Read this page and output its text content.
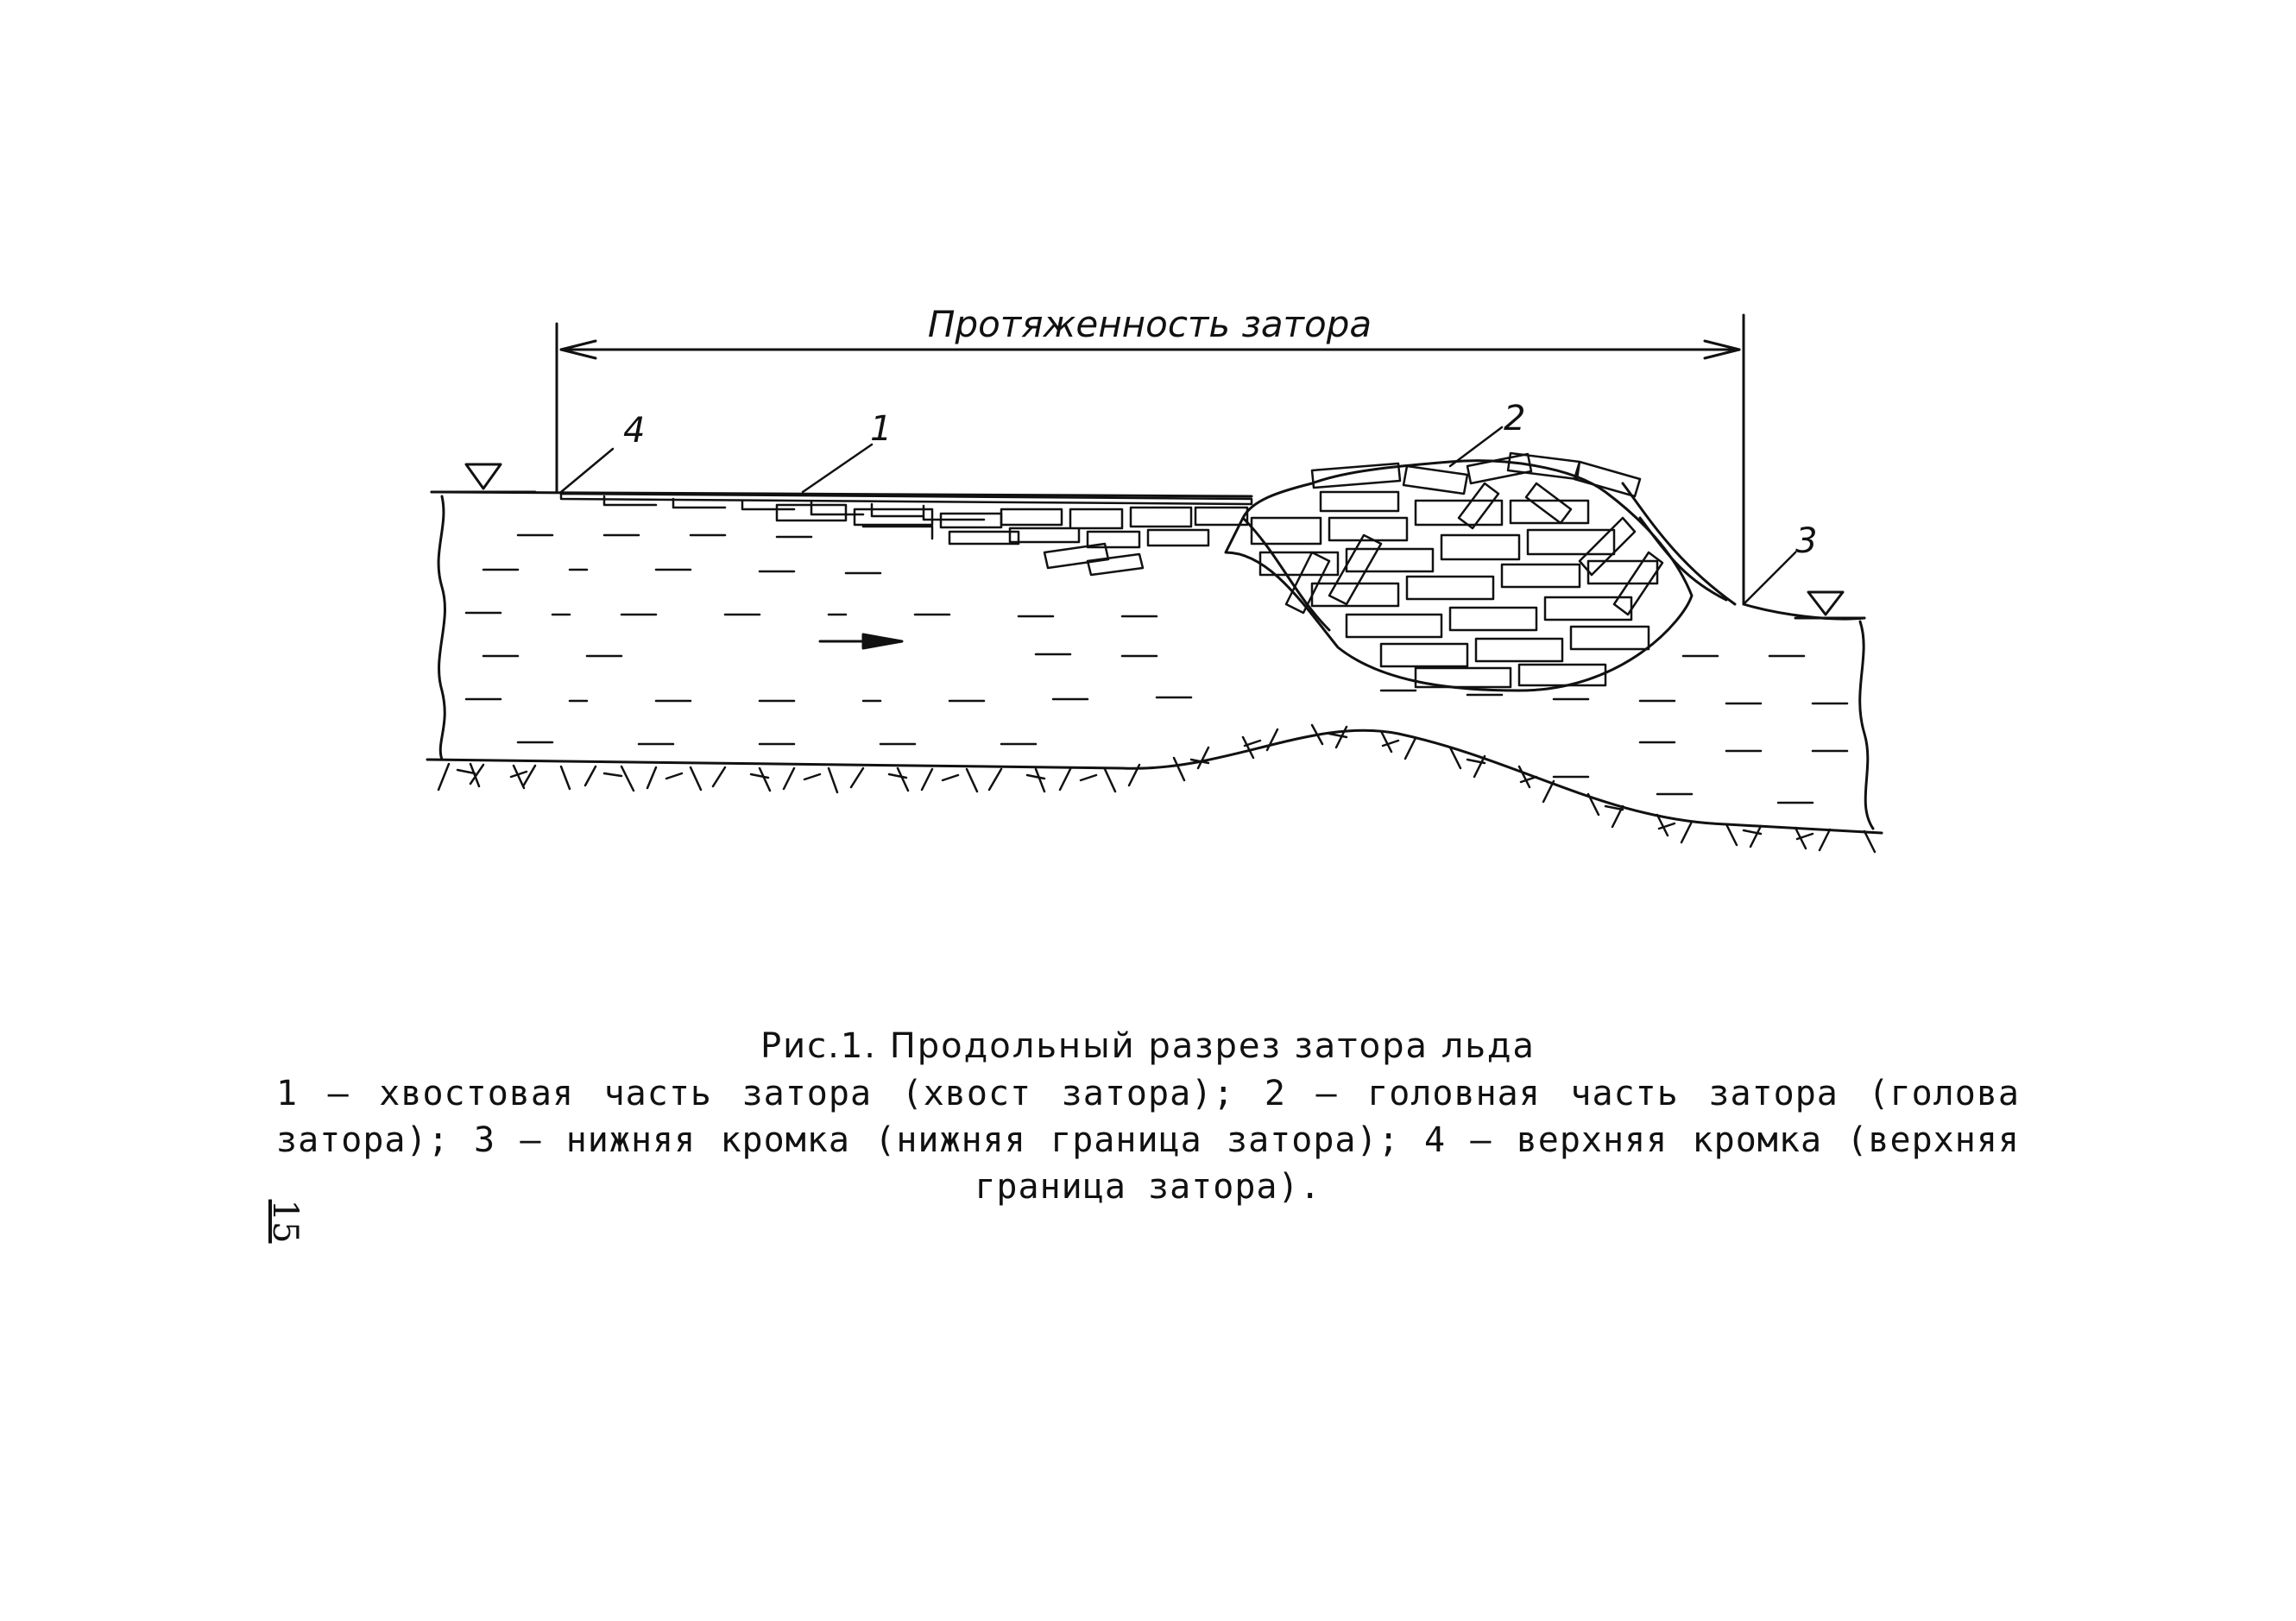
Протяженность затора
4	1	2
3
Рис.1. Продольный разрез затора льда
1 – хвостовая часть затора (хвост затора); 2 – головная часть затора (голова затора); 3 – нижняя кромка (нижняя граница затора); 4 – верхняя кромка (верхняя граница затора).
15
